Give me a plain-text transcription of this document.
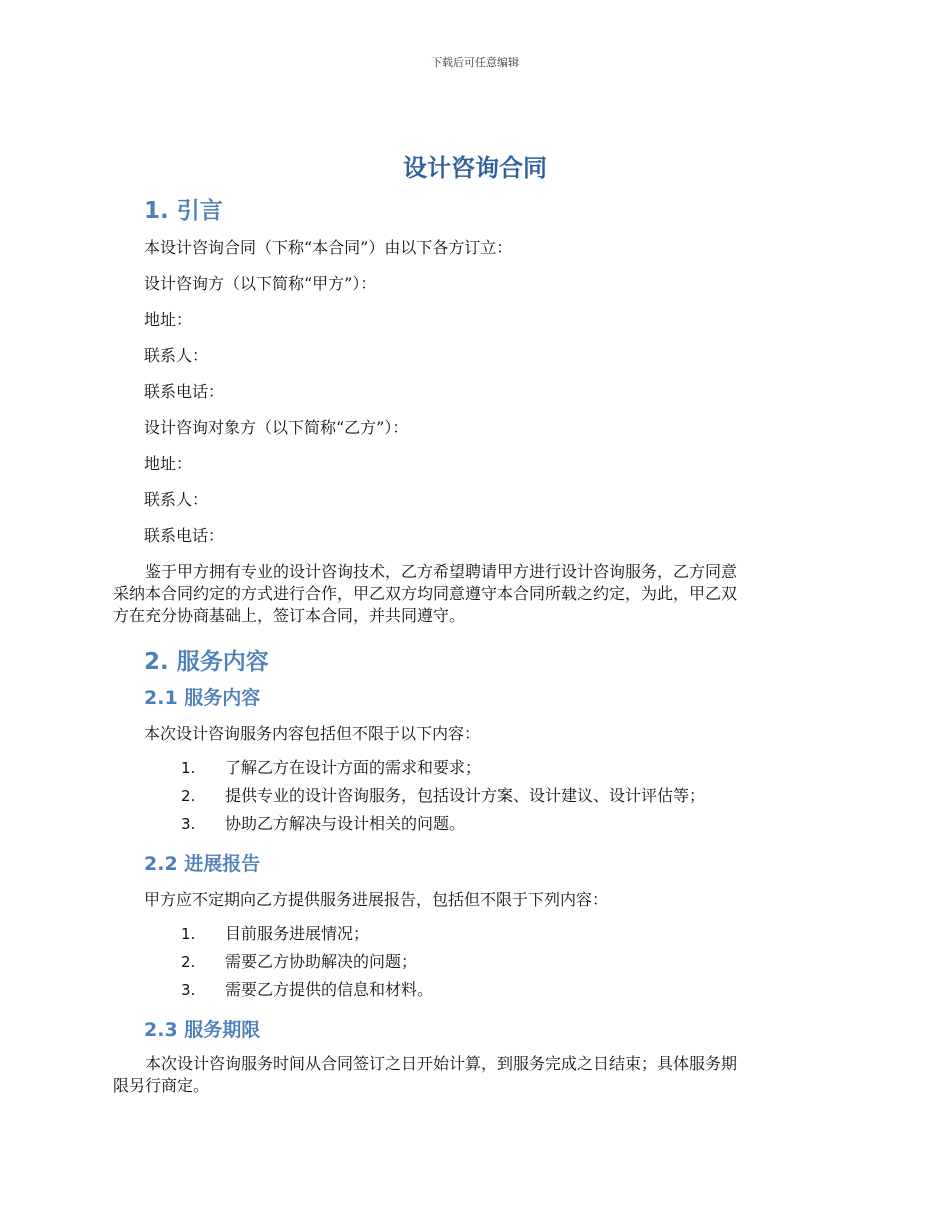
下载后可任意编辑
设计咨询合同
1. 引言
本设计咨询合同（下称“本合同”）由以下各方订立：
设计咨询方（以下简称“甲方”）：
地址：
联系人：
联系电话：
设计咨询对象方（以下简称“乙方”）：
地址：
联系人：
联系电话：
鉴于甲方拥有专业的设计咨询技术，乙方希望聘请甲方进行设计咨询服务，乙方同意
采纳本合同约定的方式进行合作，甲乙双方均同意遵守本合同所载之约定，为此，甲乙双
方在充分协商基础上，签订本合同，并共同遵守。
2. 服务内容
2.1 服务内容
本次设计咨询服务内容包括但不限于以下内容：
1. 了解乙方在设计方面的需求和要求；
2. 提供专业的设计咨询服务，包括设计方案、设计建议、设计评估等；
3. 协助乙方解决与设计相关的问题。
2.2 进展报告
甲方应不定期向乙方提供服务进展报告，包括但不限于下列内容：
1. 目前服务进展情况；
2. 需要乙方协助解决的问题；
3. 需要乙方提供的信息和材料。
2.3 服务期限
本次设计咨询服务时间从合同签订之日开始计算，到服务完成之日结束；具体服务期
限另行商定。
